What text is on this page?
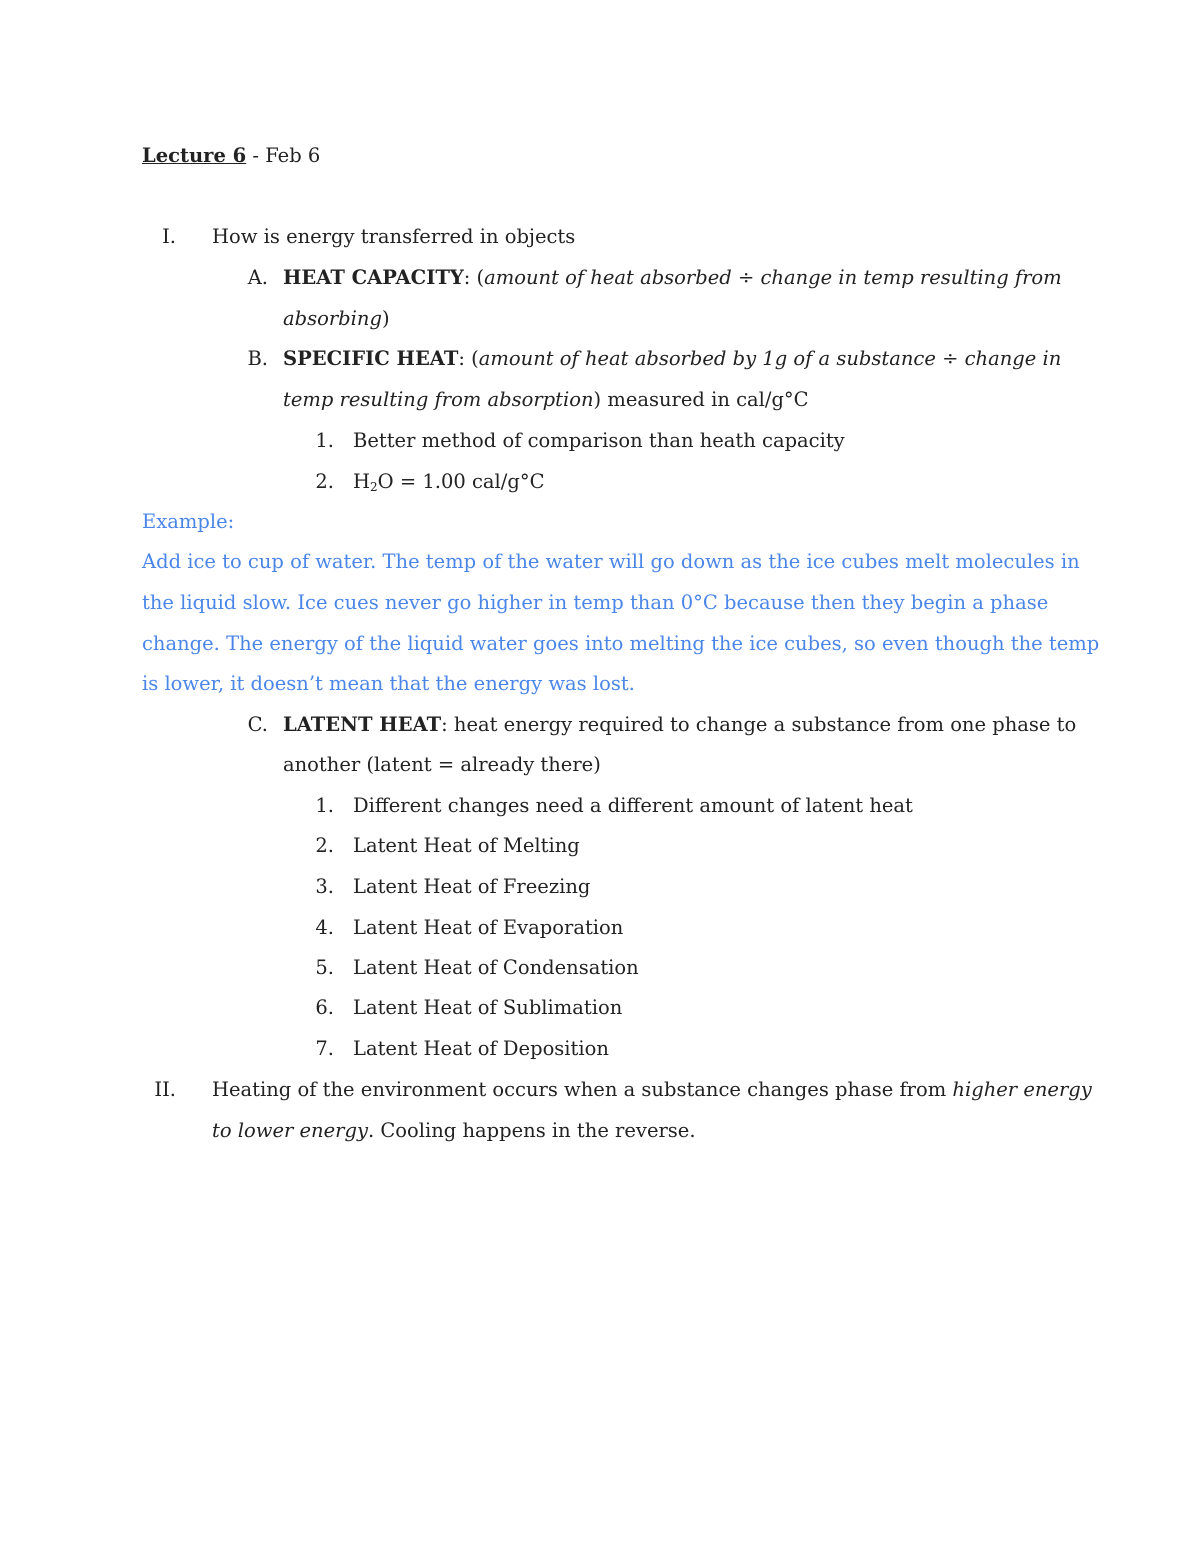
Lecture 6 - Feb 6
I. How is energy transferred in objects
A. HEAT CAPACITY: (amount of heat absorbed ÷ change in temp resulting from
absorbing)
B. SPECIFIC HEAT: (amount of heat absorbed by 1g of a substance ÷ change in
temp resulting from absorption) measured in cal/g°C
1. Better method of comparison than heath capacity
2. $H_2O = 1.00$ cal/g°C
Example:
Add ice to cup of water. The temp of the water will go down as the ice cubes melt molecules in
the liquid slow. Ice cues never go higher in temp than 0°C because then they begin a phase
change. The energy of the liquid water goes into melting the ice cubes, so even though the temp
is lower, it doesn’t mean that the energy was lost.
C. LATENT HEAT: heat energy required to change a substance from one phase to
another (latent = already there)
1. Different changes need a different amount of latent heat
2. Latent Heat of Melting
3. Latent Heat of Freezing
4. Latent Heat of Evaporation
5. Latent Heat of Condensation
6. Latent Heat of Sublimation
7. Latent Heat of Deposition
II. Heating of the environment occurs when a substance changes phase from higher energy
to lower energy. Cooling happens in the reverse.
